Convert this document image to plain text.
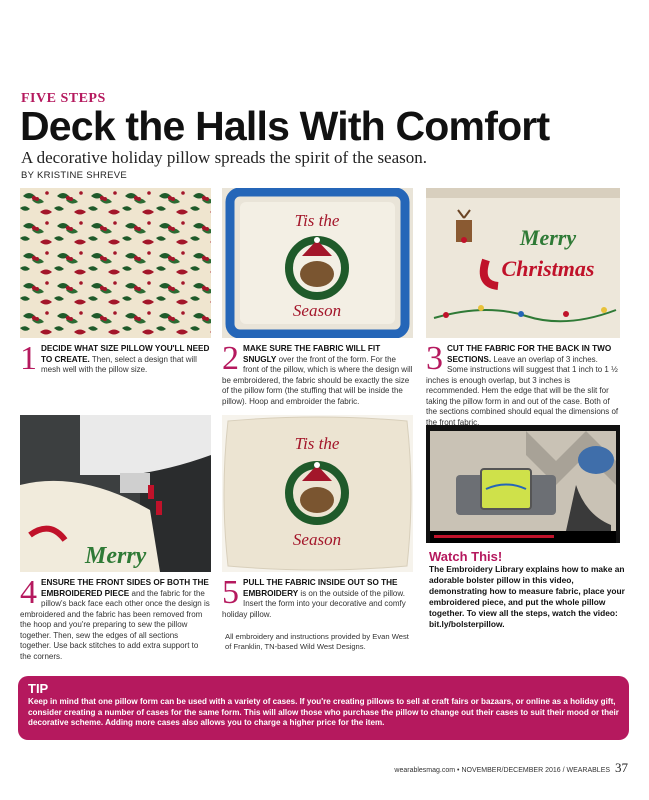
FIVE STEPS
Deck the Halls With Comfort
A decorative holiday pillow spreads the spirit of the season.
BY KRISTINE SHREVE
Tis the
Season
Merry
Christmas
Merry
Tis the
Season
1 DECIDE WHAT SIZE PILLOW YOU'LL NEED TO CREATE. Then, select a design that will mesh well with the pillow size.	2 MAKE SURE THE FABRIC WILL FIT SNUGLY over the front of the form. For the front of the pillow, which is where the design will be embroidered, the fabric should be exactly the size of the pillow form (the stuffing that will be inside the pillow). Hoop and embroider the fabric.
3 CUT THE FABRIC FOR THE BACK IN TWO SECTIONS. Leave an overlap of 3 inches. Some instructions will suggest that 1 inch to 1 ½ inches is enough overlap, but 3 inches is recommended. Hem the edge that will be the slit for taking the pillow form in and out of the case. Both of the sections combined should equal the dimensions of the front fabric.
4 ENSURE THE FRONT SIDES OF BOTH THE EMBROIDERED PIECE and the fabric for the pillow's back face each other once the design is embroidered and the fabric has been removed from the hoop and you're preparing to sew the pillow together. Then, sew the edges of all sections together. Use back stitches to add extra support to the corners.
5 PULL THE FABRIC INSIDE OUT SO THE EMBROIDERY is on the outside of the pillow. Insert the form into your decorative and comfy holiday pillow.
All embroidery and instructions provided by Evan West of Franklin, TN-based Wild West Designs.
Watch This!
The Embroidery Library explains how to make an adorable bolster pillow in this video, demonstrating how to measure fabric, place your embroidered piece, and put the whole pillow together. To view all the steps, watch the video: bit.ly/bolsterpillow.
TIP
Keep in mind that one pillow form can be used with a variety of cases. If you're creating pillows to sell at craft fairs or bazaars, or online as a holiday gift, consider creating a number of cases for the same form. This will allow those who purchase the pillow to change out their cases to suit their mood or their decorative scheme. Adding more cases also allows you to charge a higher price for the item.
wearablesmag.com • NOVEMBER/DECEMBER 2016 / WEARABLES 37
